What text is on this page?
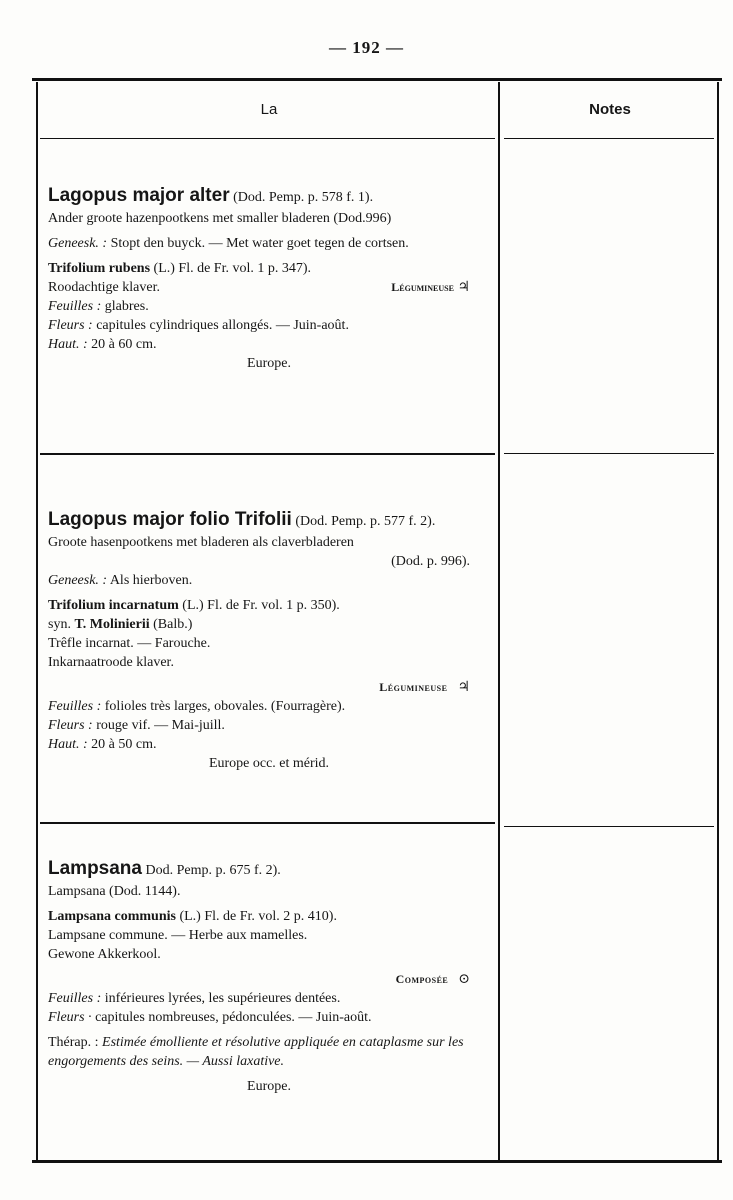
— 192 —
La	Notes

Lagopus major alter (Dod. Pemp. p. 578 f. 1).

Ander groote hazenpootkens met smaller bladeren (Dod.996)

Geneesk. : Stopt den buyck. — Met water goet tegen de cortsen.

Trifolium rubens (L.) Fl. de Fr. vol. 1 p. 347).

Roodachtige klaver.	Légumineuse ♃

Feuilles : glabres.

Fleurs : capitules cylindriques allongés. — Juin-août.

Haut. : 20 à 60 cm.

Europe.

Lagopus major folio Trifolii (Dod. Pemp. p. 577 f. 2).

Groote hasenpootkens met bladeren als claverbladeren

(Dod. p. 996).

Geneesk. : Als hierboven.

Trifolium incarnatum (L.) Fl. de Fr. vol. 1 p. 350).

syn. T. Molinierii (Balb.)

Trêfle incarnat. — Farouche.

Inkarnaatroode klaver.

Légumineuse ♃

Feuilles : folioles très larges, obovales. (Fourragère).

Fleurs : rouge vif. — Mai-juill.

Haut. : 20 à 50 cm.

Europe occ. et mérid.

Lampsana Dod. Pemp. p. 675 f. 2).

Lampsana (Dod. 1144).

Lampsana communis (L.) Fl. de Fr. vol. 2 p. 410).

Lampsane commune. — Herbe aux mamelles.

Gewone Akkerkool.

Composée ⊙

Feuilles : inférieures lyrées, les supérieures dentées.

Fleurs · capitules nombreuses, pédonculées. — Juin-août.

Thérap. : Estimée émolliente et résolutive appliquée en cataplasme sur les engorgements des seins. — Aussi laxative.

Europe.
